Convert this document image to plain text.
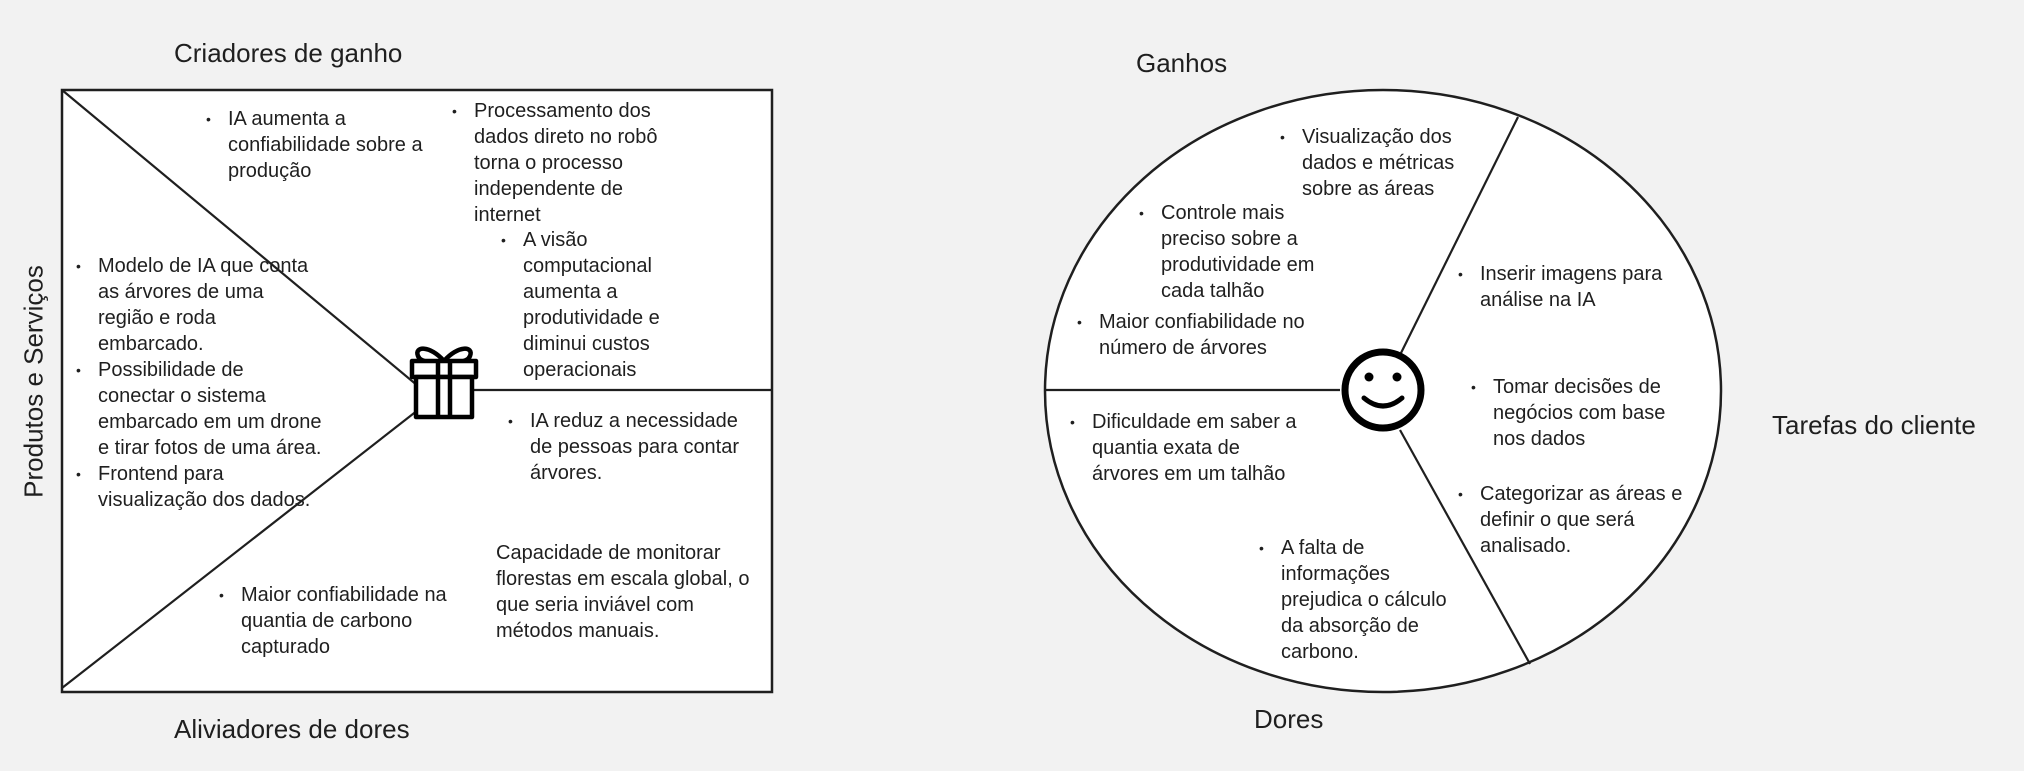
Criadores de ganho
Aliviadores de dores
Produtos e Serviços
• IA aumenta a confiabilidade sobre a produção
• Processamento dos dados direto no robô torna o processo independente de internet
• A visão computacional aumenta a produtividade e diminui custos operacionais
• Modelo de IA que conta as árvores de uma região e roda embarcado.
• Possibilidade de conectar o sistema embarcado em um drone e tirar fotos de uma área.
• Frontend para visualização dos dados.
• IA reduz a necessidade de pessoas para contar árvores.
• Maior confiabilidade na quantia de carbono capturado
Capacidade de monitorar florestas em escala global, o que seria inviável com métodos manuais.
Ganhos
Dores
Tarefas do cliente
• Visualização dos dados e métricas sobre as áreas
• Controle mais preciso sobre a produtividade em cada talhão
• Maior confiabilidade no número de árvores
• Dificuldade em saber a quantia exata de árvores em um talhão
• A falta de informações prejudica o cálculo da absorção de carbono.
• Inserir imagens para análise na IA
• Tomar decisões de negócios com base nos dados
• Categorizar as áreas e definir o que será analisado.
